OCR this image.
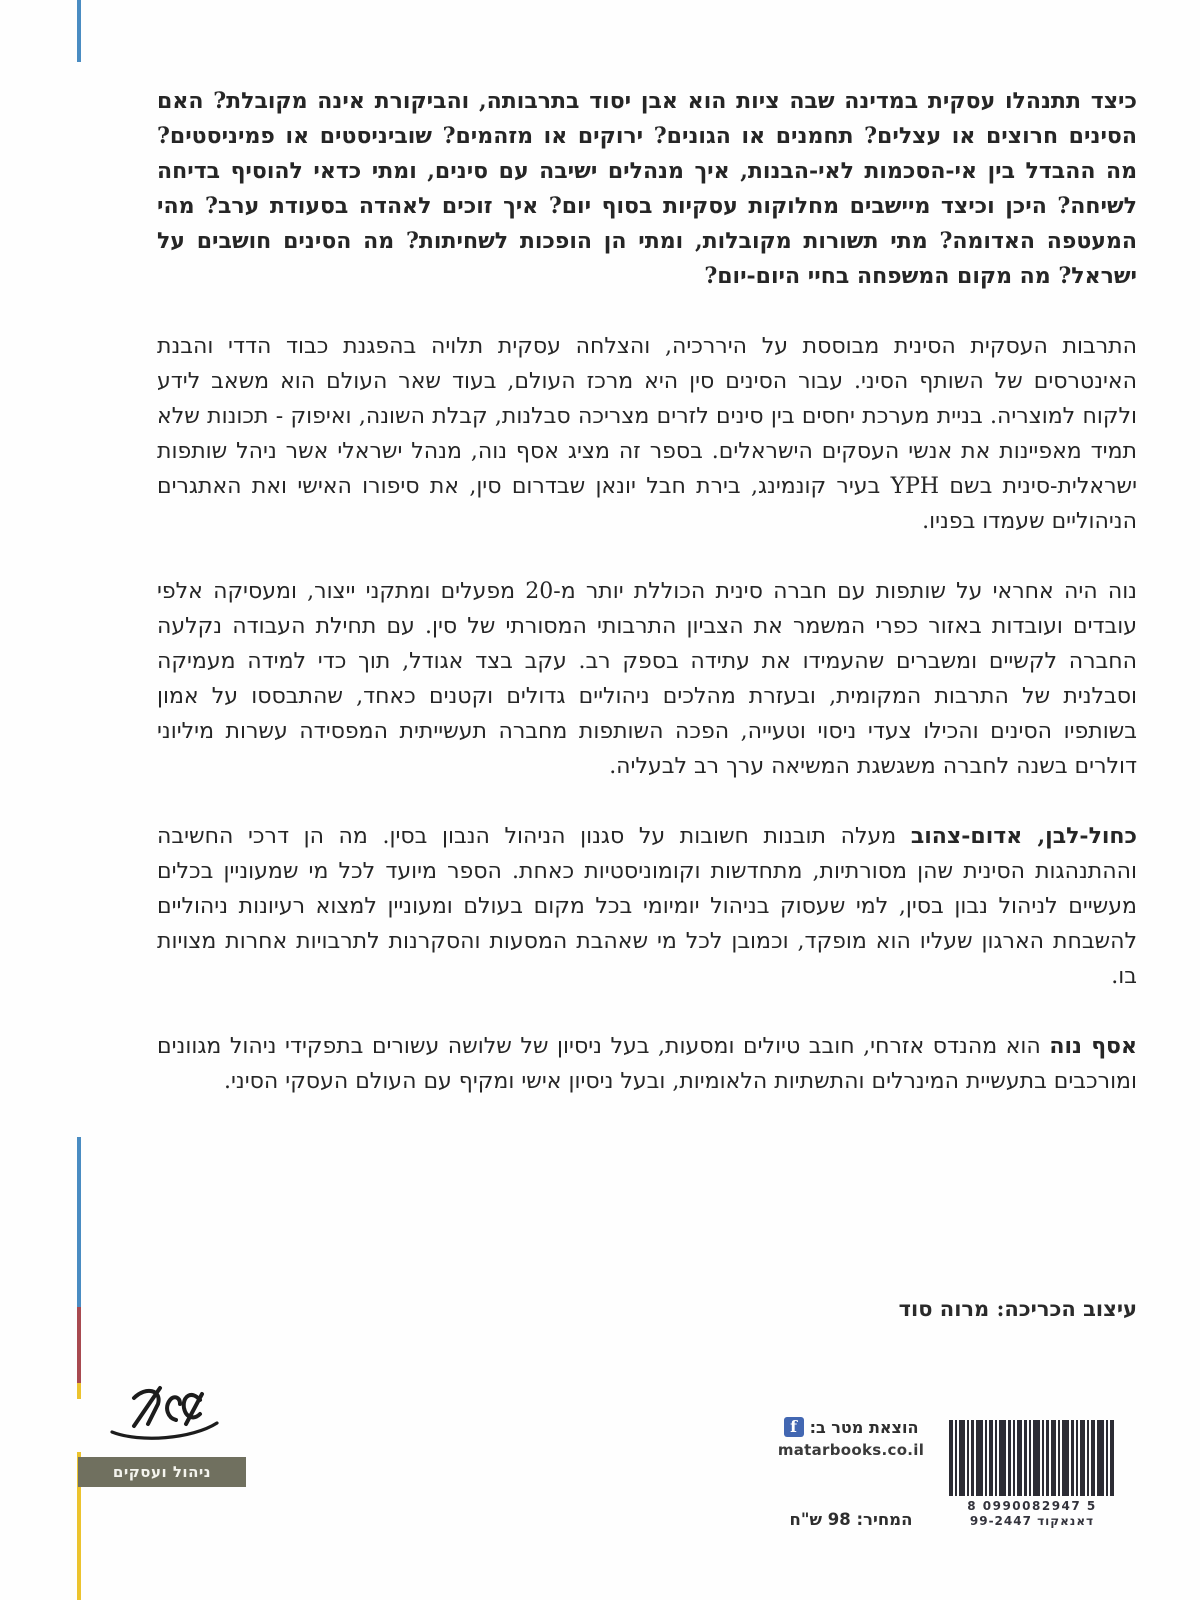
כיצד תתנהלו עסקית במדינה שבה ציות הוא אבן יסוד בתרבותה, והביקורת אינה מקובלת? האם הסינים חרוצים או עצלים? תחמנים או הגונים? ירוקים או מזהמים? שוביניסטים או פמיניסטים? מה ההבדל בין אי-הסכמות לאי-הבנות, איך מנהלים ישיבה עם סינים, ומתי כדאי להוסיף בדיחה לשיחה? היכן וכיצד מיישבים מחלוקות עסקיות בסוף יום? איך זוכים לאהדה בסעודת ערב? מהי המעטפה האדומה? מתי תשורות מקובלות, ומתי הן הופכות לשחיתות? מה הסינים חושבים על ישראל? מה מקום המשפחה בחיי היום-יום?

התרבות העסקית הסינית מבוססת על היררכיה, והצלחה עסקית תלויה בהפגנת כבוד הדדי והבנת האינטרסים של השותף הסיני. עבור הסינים סין היא מרכז העולם, בעוד שאר העולם הוא משאב לידע ולקוח למוצריה. בניית מערכת יחסים בין סינים לזרים מצריכה סבלנות, קבלת השונה, ואיפוק - תכונות שלא תמיד מאפיינות את אנשי העסקים הישראלים. בספר זה מציג אסף נוה, מנהל ישראלי אשר ניהל שותפות ישראלית-סינית בשם YPH בעיר קונמינג, בירת חבל יונאן שבדרום סין, את סיפורו האישי ואת האתגרים הניהוליים שעמדו בפניו.

נוה היה אחראי על שותפות עם חברה סינית הכוללת יותר מ-20 מפעלים ומתקני ייצור, ומעסיקה אלפי עובדים ועובדות באזור כפרי המשמר את הצביון התרבותי המסורתי של סין. עם תחילת העבודה נקלעה החברה לקשיים ומשברים שהעמידו את עתידה בספק רב. עקב בצד אגודל, תוך כדי למידה מעמיקה וסבלנית של התרבות המקומית, ובעזרת מהלכים ניהוליים גדולים וקטנים כאחד, שהתבססו על אמון בשותפיו הסינים והכילו צעדי ניסוי וטעייה, הפכה השותפות מחברה תעשייתית המפסידה עשרות מיליוני דולרים בשנה לחברה משגשגת המשיאה ערך רב לבעליה.

כחול-לבן, אדום-צהוב מעלה תובנות חשובות על סגנון הניהול הנבון בסין. מה הן דרכי החשיבה וההתנהגות הסינית שהן מסורתיות, מתחדשות וקומוניסטיות כאחת. הספר מיועד לכל מי שמעוניין בכלים מעשיים לניהול נבון בסין, למי שעסוק בניהול יומיומי בכל מקום בעולם ומעוניין למצוא רעיונות ניהוליים להשבחת הארגון שעליו הוא מופקד, וכמובן לכל מי שאהבת המסעות והסקרנות לתרבויות אחרות מצויות בו.

אסף נוה הוא מהנדס אזרחי, חובב טיולים ומסעות, בעל ניסיון של שלושה עשורים בתפקידי ניהול מגוונים ומורכבים בתעשיית המינרלים והתשתיות הלאומיות, ובעל ניסיון אישי ומקיף עם העולם העסקי הסיני.

עיצוב הכריכה: מרוה סוד
ניהול ועסקים
הוצאת מטר ב:
f
matarbooks.co.il
המחיר: 98 ש"ח
8 0990082947 5
דאנאקוד 99-2447
